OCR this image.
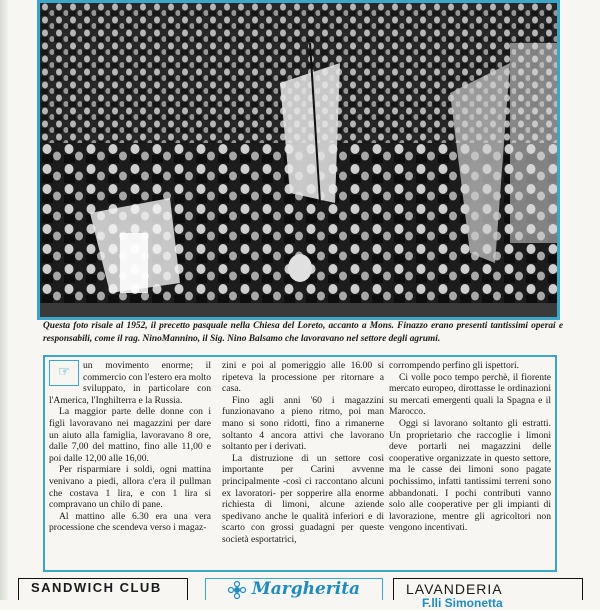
Questa foto risale al 1952, il precetto pasquale nella Chiesa del Loreto, accanto a Mons. Finazzo erano presenti tantissimi operai e responsabili, come il rag. NinoMannino, il Sig. Nino Balsamo che lavoravano nel settore degli agrumi.
☞	un movimento enorme; il commercio con l'estero era molto sviluppato, in particolare con l'America, l'Inghilterra e la Russia.

La maggior parte delle donne con i figli lavoravano nei magazzini per dare un aiuto alla famiglia, lavoravano 8 ore, dalle 7,00 del mattino, fino alle 11,00 e poi dalle 12,00 alle 16,00.

Per risparmiare i soldi, ogni mattina venivano a piedi, allora c'era il pullman che costava 1 lira, e con 1 lira si compravano un chilo di pane.

Al mattino alle 6.30 era una vera processione che scendeva verso i magaz-

zini e poi al pomeriggio alle 16.00 si ripeteva la processione per ritornare a casa.

Fino agli anni '60 i magazzini funzionavano a pieno ritmo, poi man mano si sono ridotti, fino a rimanerne soltanto 4 ancora attivi che lavorano soltanto per i derivati.

La distruzione di un settore così importante per Carini avvenne principalmente -così ci raccontano alcuni ex lavoratori- per sopperire alla enorme richiesta di limoni, alcune aziende spedivano anche le qualità inferiori e di scarto con grossi guadagni per queste società esportatrici,

corrompendo perfino gli ispettori.

Ci volle poco tempo perchè, il fiorente mercato europeo, dirottasse le ordinazioni su mercati emergenti quali la Spagna e il Marocco.

Oggi si lavorano soltanto gli estratti. Un proprietario che raccoglie i limoni deve portarli nei magazzini delle cooperative organizzate in questo settore, ma le casse dei limoni sono pagate pochissimo, infatti tantissimi terreni sono abbandonati. I pochi contributi vanno solo alle cooperative per gli impianti di lavorazione, mentre gli agricoltori non vengono incentivati.

SANDWICH CLUB	Margherita	LAVANDERIA
F.lli Simonetta
